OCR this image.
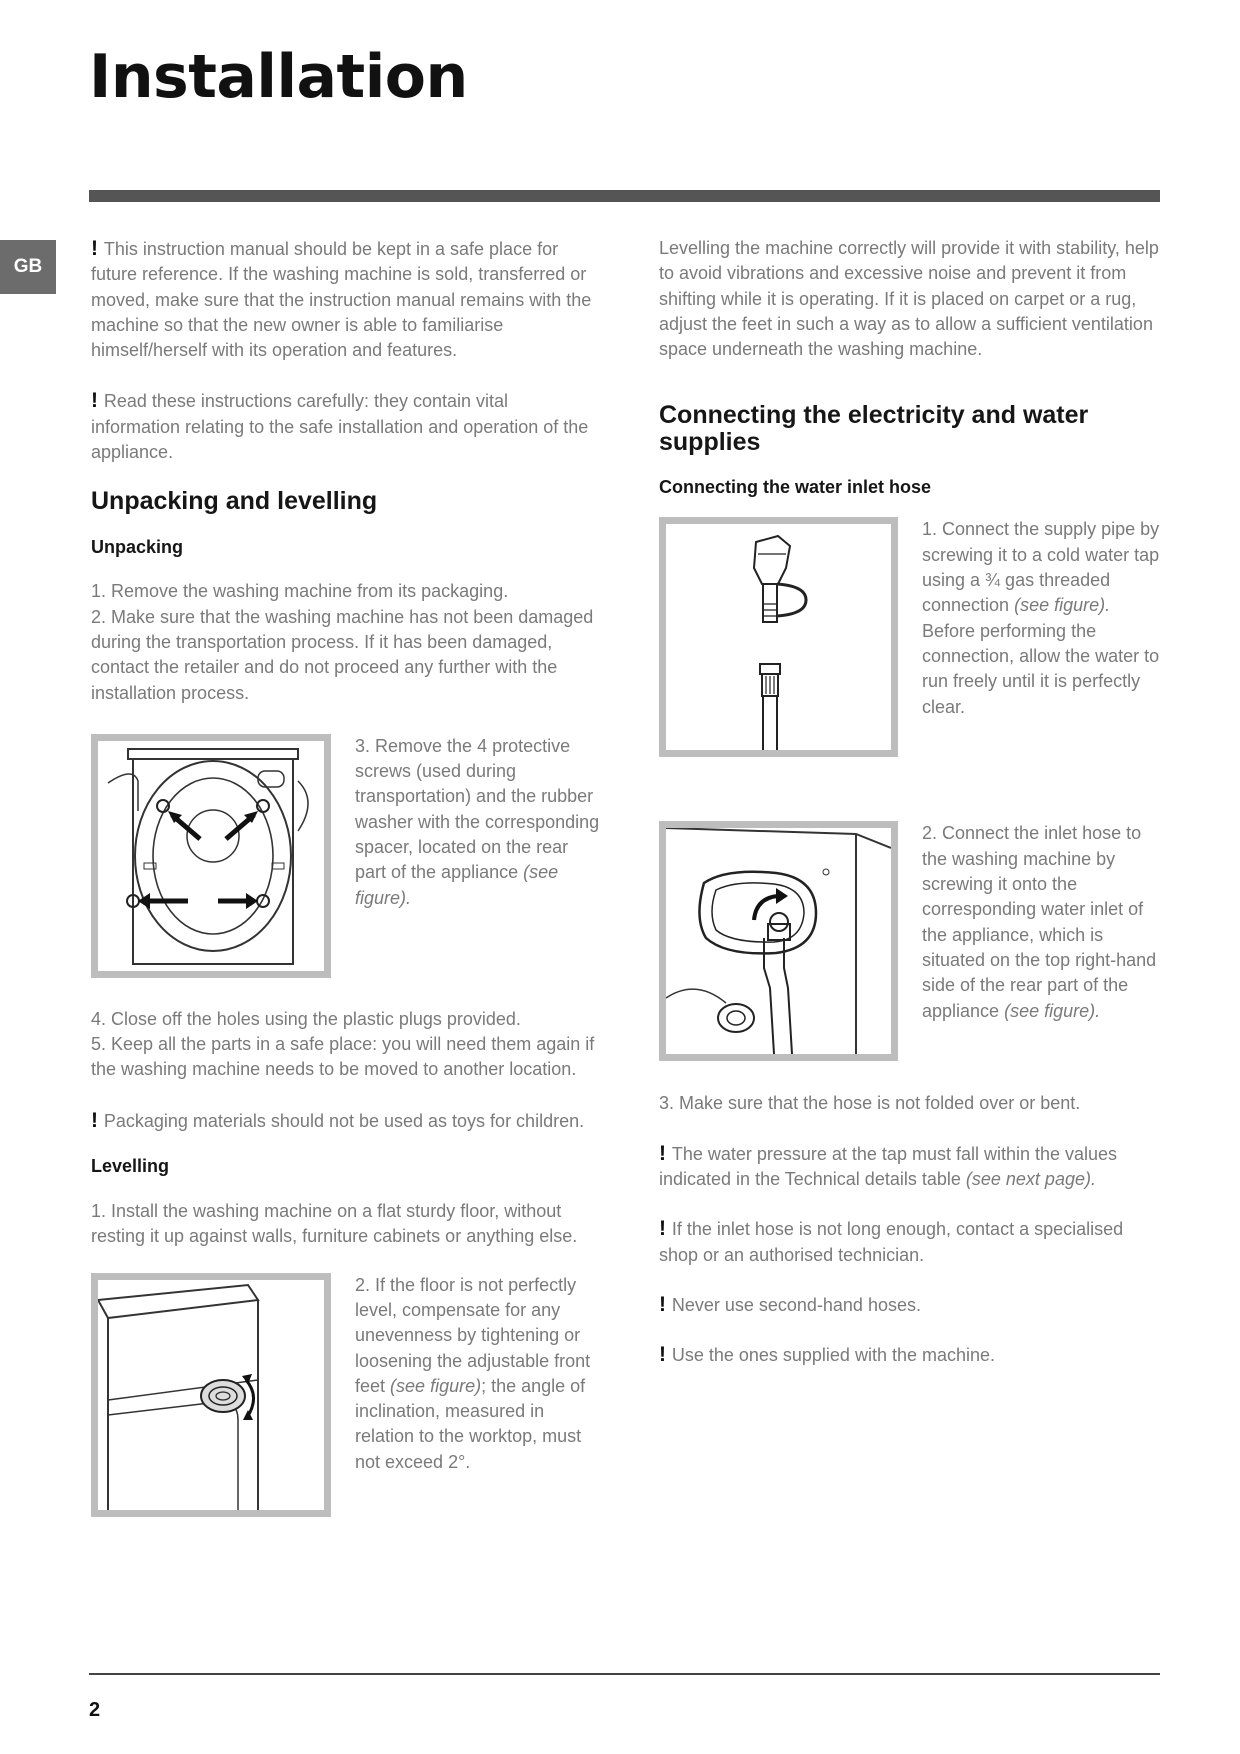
Installation
GB

! This instruction manual should be kept in a safe place for future reference. If the washing machine is sold, transferred or moved, make sure that the instruction manual remains with the machine so that the new owner is able to familiarise himself/herself with its operation and features.

! Read these instructions carefully: they contain vital information relating to the safe installation and operation of the appliance.

Unpacking and levelling
Unpacking

1. Remove the washing machine from its packaging.

2. Make sure that the washing machine has not been damaged during the transportation process. If it has been damaged, contact the retailer and do not proceed any further with the installation process.

3. Remove the 4 protective screws (used during transportation) and the rubber washer with the corresponding spacer, located on the rear part of the appliance (see figure).

4. Close off the holes using the plastic plugs provided.

5. Keep all the parts in a safe place: you will need them again if the washing machine needs to be moved to another location.

! Packaging materials should not be used as toys for children.

Levelling

1. Install the washing machine on a flat sturdy floor, without resting it up against walls, furniture cabinets or anything else.

2. If the floor is not perfectly level, compensate for any unevenness by tightening or loosening the adjustable front feet (see figure); the angle of inclination, measured in relation to the worktop, must not exceed 2°.

Levelling the machine correctly will provide it with stability, help to avoid vibrations and excessive noise and prevent it from shifting while it is operating. If it is placed on carpet or a rug, adjust the feet in such a way as to allow a sufficient ventilation space underneath the washing machine.

Connecting the electricity and water supplies
Connecting the water inlet hose

1. Connect the supply pipe by screwing it to a cold water tap using a ¾ gas threaded connection (see figure).

Before performing the connection, allow the water to run freely until it is perfectly clear.

2. Connect the inlet hose to the washing machine by screwing it onto the corresponding water inlet of the appliance, which is situated on the top right-hand side of the rear part of the appliance (see figure).

3. Make sure that the hose is not folded over or bent.

! The water pressure at the tap must fall within the values indicated in the Technical details table (see next page).

! If the inlet hose is not long enough, contact a specialised shop or an authorised technician.

! Never use second-hand hoses.

! Use the ones supplied with the machine.

2
